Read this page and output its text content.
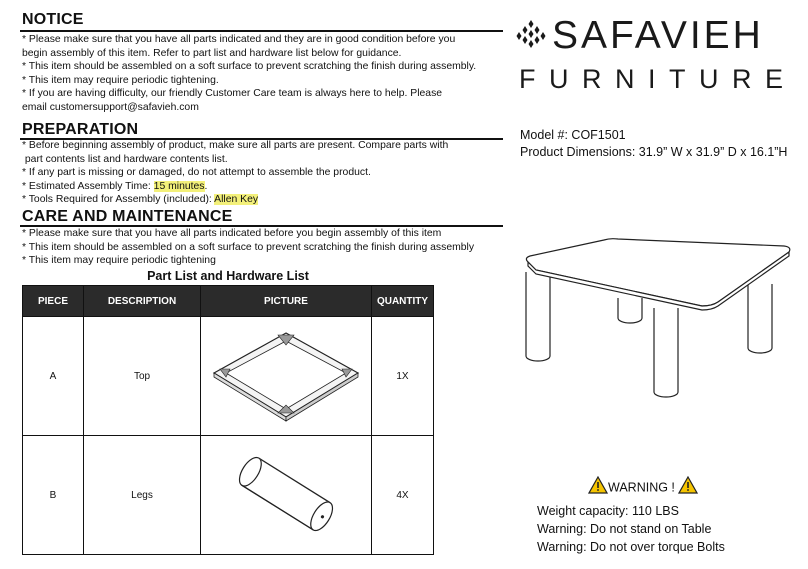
NOTICE
* Please make sure that you have all parts indicated and they are in good condition before you
begin assembly of this item. Refer to part list and hardware list below for guidance.
* This item should be assembled on a soft surface to prevent scratching the finish during assembly.
* This item may require periodic tightening.
* If you are having difficulty, our friendly Customer Care team is always here to help. Please
email customersupport@safavieh.com
PREPARATION
* Before beginning assembly of product, make sure all parts are present. Compare parts with
part contents list and hardware contents list.
* If any part is missing or damaged, do not attempt to assemble the product.
* Estimated Assembly Time: 15 minutes.
* Tools Required for Assembly (included): Allen Key
CARE AND MAINTENANCE
* Please make sure that you have all parts indicated before you begin assembly of this item
* This item should be assembled on a soft surface to prevent scratching the finish during assembly
* This item may require periodic tightening
Part List and Hardware List
PIECE	DESCRIPTION	PICTURE	QUANTITY
A	Top		1X
B	Legs		4X
SAFAVIEH
FURNITURE
Model #: COF1501
Product Dimensions: 31.9” W x 31.9” D x 16.1”H
WARNING !
Weight capacity: 110 LBS
Warning: Do not stand on Table
Warning: Do not over torque Bolts
